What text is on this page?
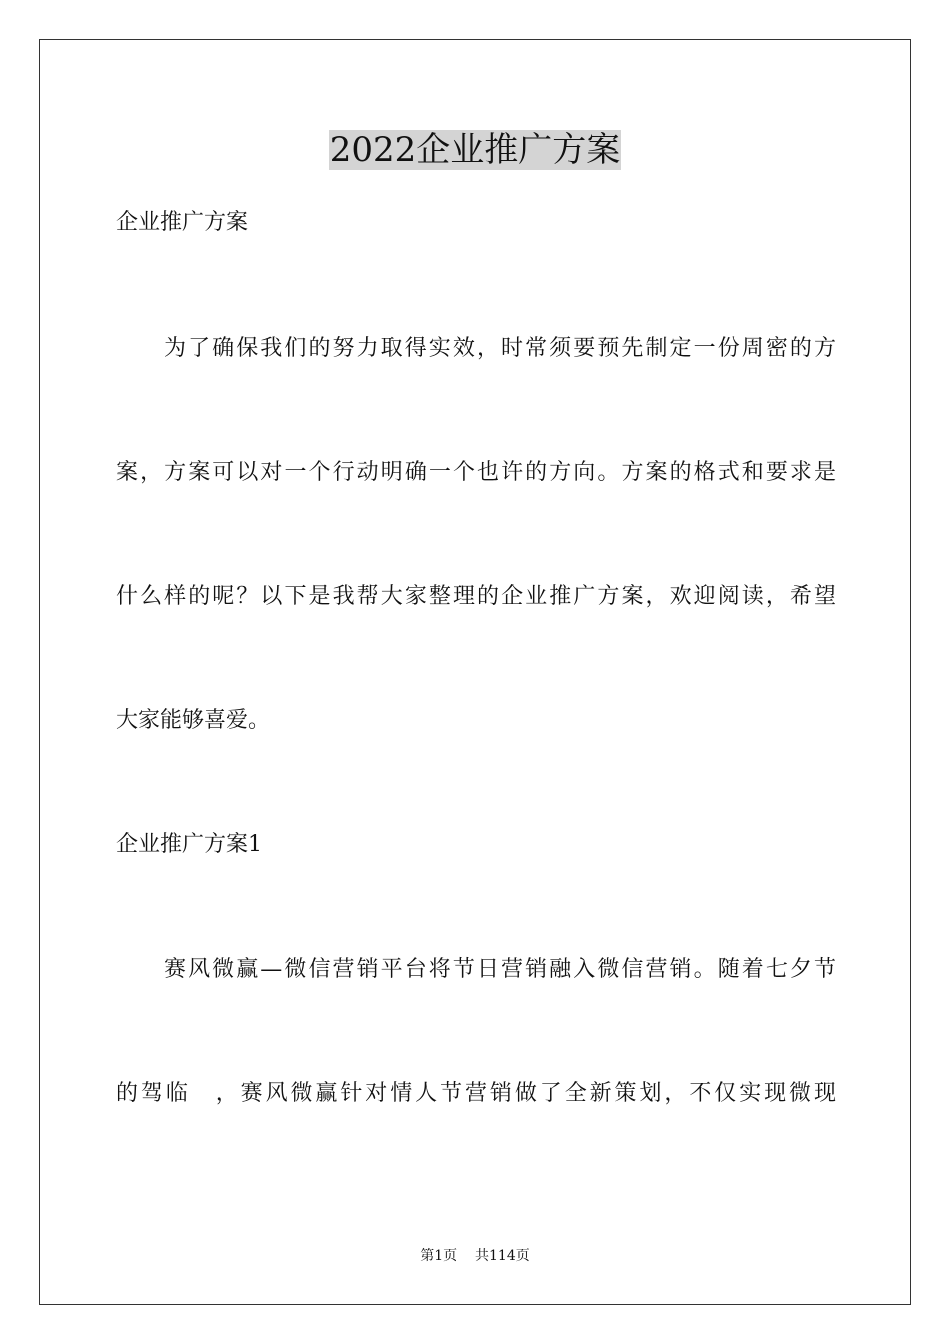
2022企业推广方案

企业推广方案

为了确保我们的努力取得实效，时常须要预先制定一份周密的方

案，方案可以对一个行动明确一个也许的方向。方案的格式和要求是

什么样的呢？以下是我帮大家整理的企业推广方案，欢迎阅读，希望

大家能够喜爱。

企业推广方案1

赛风微赢—微信营销平台将节日营销融入微信营销。随着七夕节

的驾临　，赛风微赢针对情人节营销做了全新策划，不仅实现微现

第1页 共114页
